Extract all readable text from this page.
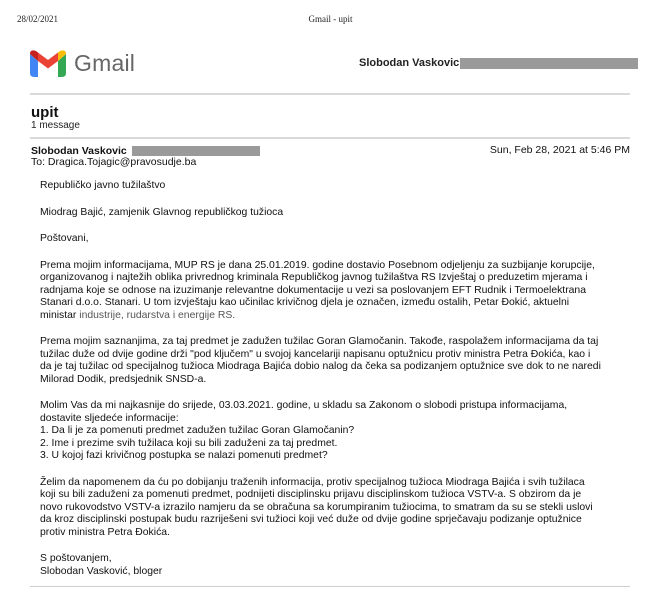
28/02/2021	Gmail - upit
Gmail	Slobodan Vaskovic
upit
1 message
Slobodan Vaskovic	Sun, Feb 28, 2021 at 5:46 PM
To: Dragica.Tojagic@pravosudje.ba

Republičko javno tužilaštvo

Miodrag Bajić, zamjenik Glavnog republičkog tužioca

Poštovani,

Prema mojim informacijama, MUP RS je dana 25.01.2019. godine dostavio Posebnom odjeljenju za suzbijanje korupcije,

organizovanog i najtežih oblika privrednog kriminala Republičkog javnog tužilaštva RS Izvještaj o preduzetim mjerama i

radnjama koje se odnose na izuzimanje relevantne dokumentacije u vezi sa poslovanjem EFT Rudnik i Termoelektrana

Stanari d.o.o. Stanari. U tom izvještaju kao učinilac krivičnog djela je označen, između ostalih, Petar Đokić, aktuelni

ministar industrije, rudarstva i energije RS.

Prema mojim saznanjima, za taj predmet je zadužen tužilac Goran Glamočanin. Takođe, raspolažem informacijama da taj

tužilac duže od dvije godine drži "pod ključem" u svojoj kancelariji napisanu optužnicu protiv ministra Petra Đokića, kao i

da je taj tužilac od specijalnog tužioca Miodraga Bajića dobio nalog da čeka sa podizanjem optužnice sve dok to ne naredi

Milorad Dodik, predsjednik SNSD-a.

Molim Vas da mi najkasnije do srijede, 03.03.2021. godine, u skladu sa Zakonom o slobodi pristupa informacijama,

dostavite sljedeće informacije:

1. Da li je za pomenuti predmet zadužen tužilac Goran Glamočanin?

2. Ime i prezime svih tužilaca koji su bili zaduženi za taj predmet.

3. U kojoj fazi krivičnog postupka se nalazi pomenuti predmet?

Želim da napomenem da ću po dobijanju traženih informacija, protiv specijalnog tužioca Miodraga Bajića i svih tužilaca

koji su bili zaduženi za pomenuti predmet, podnijeti disciplinsku prijavu disciplinskom tužioca VSTV-a. S obzirom da je

novo rukovodstvo VSTV-a izrazilo namjeru da se obračuna sa korumpiranim tužiocima, to smatram da su se stekli uslovi

da kroz disciplinski postupak budu razriješeni svi tužioci koji već duže od dvije godine sprječavaju podizanje optužnice

protiv ministra Petra Đokića.

S poštovanjem,

Slobodan Vasković, bloger
